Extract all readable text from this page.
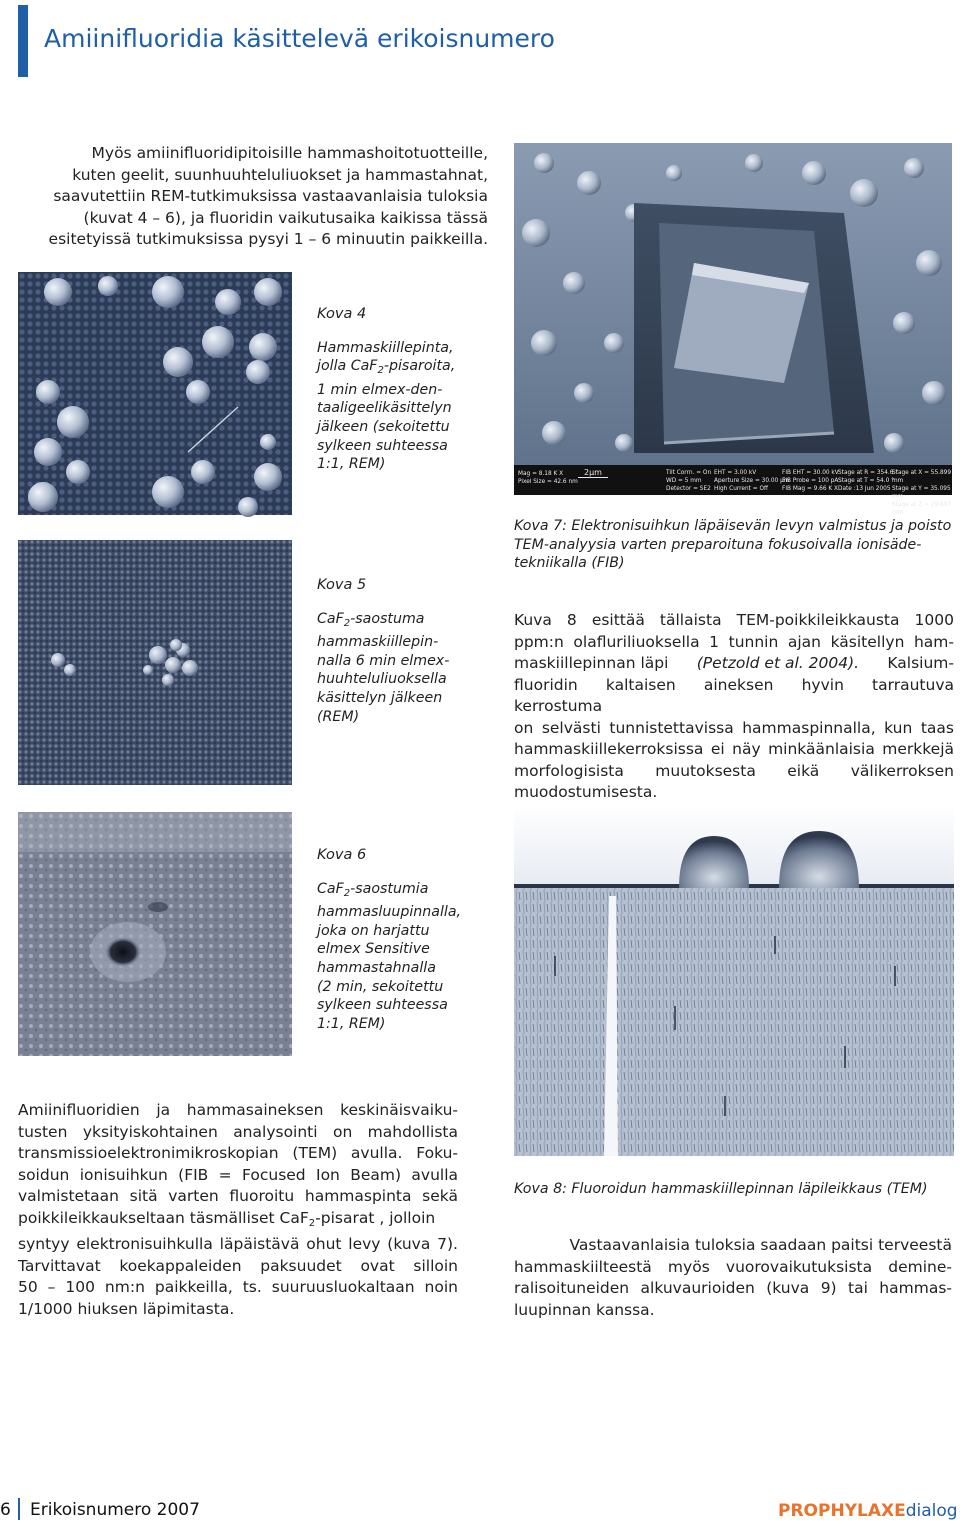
Amiinifluoridia käsittelevä erikoisnumero
Myös amiinifluoridipitoisille hammashoitotuotteille,
kuten geelit, suunhuuhteluliuokset ja hammastahnat,
saavutettiin REM-tutkimuksissa vastaavanlaisia tuloksia
(kuvat 4 – 6), ja fluoridin vaikutusaika kaikissa tässä
esitetyissä tutkimuksissa pysyi 1 – 6 minuutin paikkeilla.
Mag = 8.18 K X
Pixel Size = 42.6 nm
2µm	Tilt Corrn. = On
WD = 5 mm
Detector = SE2
EHT = 3.00 kV
Aperture Size = 30.00 µm
High Current = Off
FIB EHT = 30.00 kV
FIB Probe = 100 pA
FIB Mag = 9.66 K X
Stage at R = 354.6 °
Stage at T = 54.0 °
Date :13 Jun 2005
Stage at X = 55.899 mm
Stage at Y = 35.095 mm
Stage at Z = 29.697 mm
Kova 4
Hammaskiillepinta,
jolla CaF$_2$-pisaroita,
1 min elmex-den-
taaligeelikäsittelyn
jälkeen (sekoitettu
sylkeen suhteessa
1:1, REM)
Kova 7: Elektronisuihkun läpäisevän levyn valmistus ja poisto
TEM-analyysia varten preparoituna fokusoivalla ionisäde-
tekniikalla (FIB)
Kova 5
CaF$_2$-saostuma
hammaskiillepin-
nalla 6 min elmex-
huuhteluliuoksella
käsittelyn jälkeen
(REM)
Kuva 8 esittää tällaista TEM-poikkileikkausta 1000
ppm:n olafluriliuoksella 1 tunnin ajan käsitellyn ham-
maskiillepinnan läpi (Petzold et al. 2004). Kalsium-
fluoridin kaltaisen aineksen hyvin tarrautuva kerrostuma
on selvästi tunnistettavissa hammaspinnalla, kun taas
hammaskiillekerroksissa ei näy minkäänlaisia merkkejä
morfologisista muutoksesta eikä välikerroksen
muodostumisesta.
Kova 6
CaF$_2$-saostumia
hammasluupinnalla,
joka on harjattu
elmex Sensitive
hammastahnalla
(2 min, sekoitettu
sylkeen suhteessa
1:1, REM)
Amiinifluoridien ja hammasaineksen keskinäisvaiku-
tusten yksityiskohtainen analysointi on mahdollista
transmissioelektronimikroskopian (TEM) avulla. Foku-
soidun ionisuihkun (FIB = Focused Ion Beam) avulla
valmistetaan sitä varten fluoroitu hammaspinta sekä
poikkileikkaukseltaan täsmälliset CaF$_2$-pisarat , jolloin
syntyy elektronisuihkulla läpäistävä ohut levy (kuva 7).
Tarvittavat koekappaleiden paksuudet ovat silloin
50 – 100 nm:n paikkeilla, ts. suuruusluokaltaan noin
1/1000 hiuksen läpimitasta.
Kova 8: Fluoroidun hammaskiillepinnan läpileikkaus (TEM)
Vastaavanlaisia tuloksia saadaan paitsi terveestä
hammaskiilteestä myös vuorovaikutuksista demine-
ralisoituneiden alkuvaurioiden (kuva 9) tai hammas-
luupinnan kanssa.
6 Erikoisnumero 2007	PROPHYLAXEdialog
